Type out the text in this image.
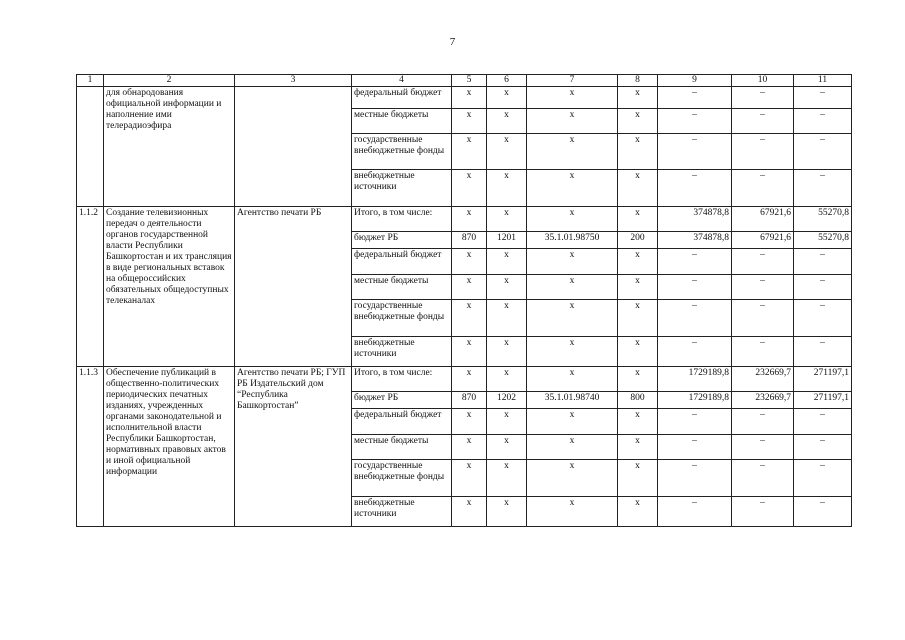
7
1	2	3	4	5	6	7	8	9	10	11
	для обнародования официальной информации и наполнение ими телерадиоэфира		федеральный бюджет	x	x	x	x	–	–	–
			местные бюджеты	x	x	x	x	–	–	–
			государственные внебюджетные фонды	x	x	x	x	–	–	–
			внебюджетные источники	x	x	x	x	–	–	–
1.1.2	Создание телевизионных передач о деятельности органов государственной власти Республики Башкортостан и их трансляция в виде региональных вставок на общероссийских обязательных общедоступных телеканалах	Агентство печати РБ	Итого, в том числе:	x	x	x	x	374878,8	67921,6	55270,8
			бюджет РБ	870	1201	35.1.01.98750	200	374878,8	67921,6	55270,8
			федеральный бюджет	x	x	x	x	–	–	–
			местные бюджеты	x	x	x	x	–	–	–
			государственные внебюджетные фонды	x	x	x	x	–	–	–
			внебюджетные источники	x	x	x	x	–	–	–
1.1.3	Обеспечение публикаций в общественно-политических периодических печатных изданиях, учрежденных органами законодательной и исполнительной власти Республики Башкортостан, нормативных правовых актов и иной официальной информации	Агентство печати РБ; ГУП РБ Издательский дом “Республика Башкортостан”	Итого, в том числе:	x	x	x	x	1729189,8	232669,7	271197,1
			бюджет РБ	870	1202	35.1.01.98740	800	1729189,8	232669,7	271197,1
			федеральный бюджет	x	x	x	x	–	–	–
			местные бюджеты	x	x	x	x	–	–	–
			государственные внебюджетные фонды	x	x	x	x	–	–	–
			внебюджетные источники	x	x	x	x	–	–	–
